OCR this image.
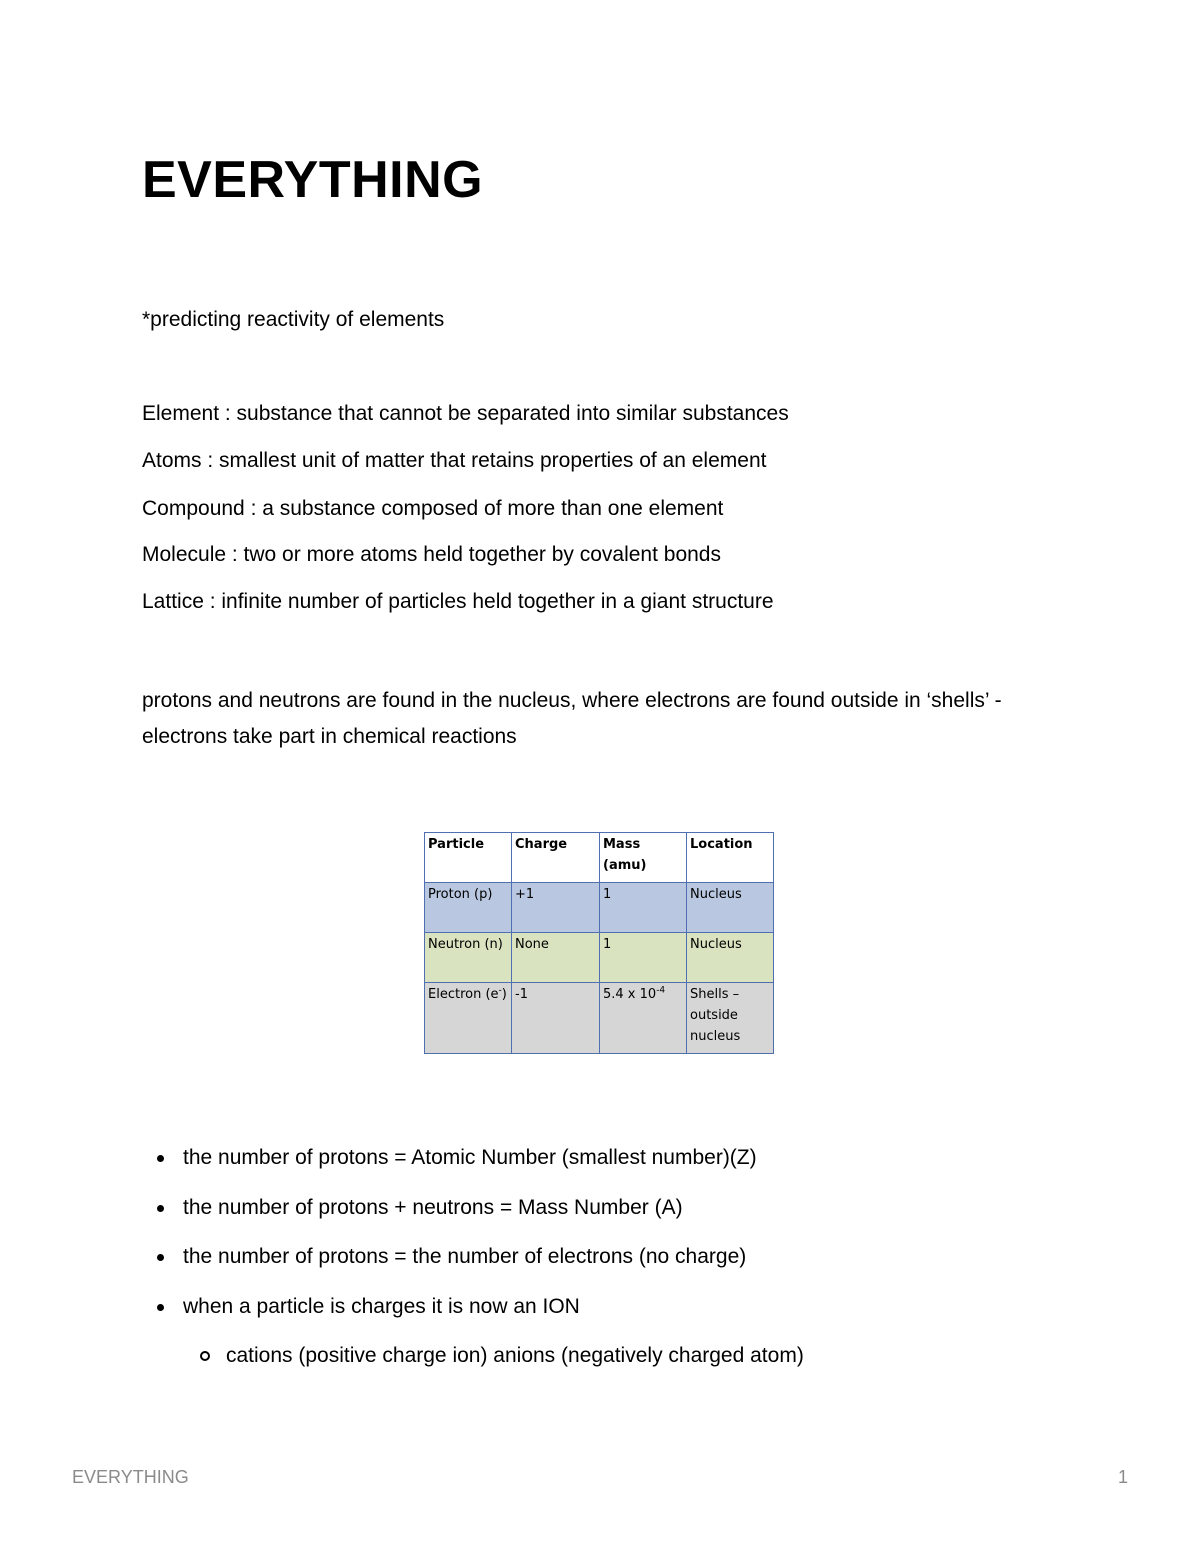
EVERYTHING
*predicting reactivity of elements
Element : substance that cannot be separated into similar substances
Atoms : smallest unit of matter that retains properties of an element
Compound : a substance composed of more than one element
Molecule : two or more atoms held together by covalent bonds
Lattice : infinite number of particles held together in a giant structure
protons and neutrons are found in the nucleus, where electrons are found outside in ‘shells’ - electrons take part in chemical reactions
Particle	Charge	Mass (amu)	Location
Proton (p)	+1	1	Nucleus
Neutron (n)	None	1	Nucleus
Electron (e-)	-1	5.4 x $10^{-4}$	Shells – outside nucleus
the number of protons = Atomic Number (smallest number)(Z)
the number of protons + neutrons = Mass Number (A)
the number of protons = the number of electrons (no charge)
when a particle is charges it is now an ION
cations (positive charge ion) anions (negatively charged atom)
EVERYTHING	1
